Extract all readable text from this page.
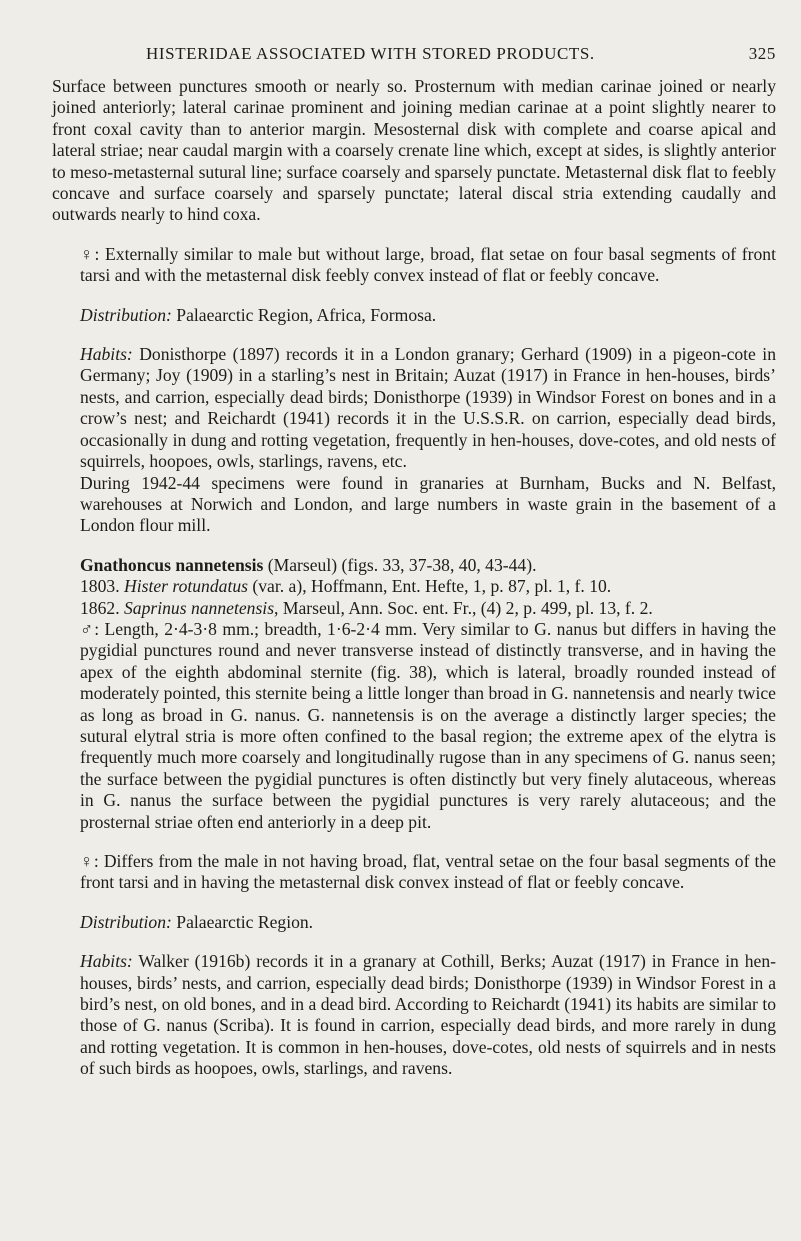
HISTERIDAE ASSOCIATED WITH STORED PRODUCTS.	325

Surface between punctures smooth or nearly so. Prosternum with median carinae joined or nearly joined anteriorly; lateral carinae prominent and joining median carinae at a point slightly nearer to front coxal cavity than to anterior margin. Mesosternal disk with complete and coarse apical and lateral striae; near caudal margin with a coarsely crenate line which, except at sides, is slightly anterior to meso-metasternal sutural line; surface coarsely and sparsely punctate. Metasternal disk flat to feebly concave and surface coarsely and sparsely punctate; lateral discal stria extending caudally and outwards nearly to hind coxa.

♀: Externally similar to male but without large, broad, flat setae on four basal segments of front tarsi and with the metasternal disk feebly convex instead of flat or feebly concave.

Distribution: Palaearctic Region, Africa, Formosa.

Habits: Donisthorpe (1897) records it in a London granary; Gerhard (1909) in a pigeon-cote in Germany; Joy (1909) in a starling’s nest in Britain; Auzat (1917) in France in hen-houses, birds’ nests, and carrion, especially dead birds; Donisthorpe (1939) in Windsor Forest on bones and in a crow’s nest; and Reichardt (1941) records it in the U.S.S.R. on carrion, especially dead birds, occasionally in dung and rotting vegetation, frequently in hen-houses, dove-cotes, and old nests of squirrels, hoopoes, owls, starlings, ravens, etc.

During 1942-44 specimens were found in granaries at Burnham, Bucks and N. Belfast, warehouses at Norwich and London, and large numbers in waste grain in the basement of a London flour mill.

Gnathoncus nannetensis (Marseul) (figs. 33, 37-38, 40, 43-44).

1803. Hister rotundatus (var. a), Hoffmann, Ent. Hefte, 1, p. 87, pl. 1, f. 10.

1862. Saprinus nannetensis, Marseul, Ann. Soc. ent. Fr., (4) 2, p. 499, pl. 13, f. 2.

♂: Length, 2·4-3·8 mm.; breadth, 1·6-2·4 mm. Very similar to G. nanus but differs in having the pygidial punctures round and never transverse instead of distinctly transverse, and in having the apex of the eighth abdominal sternite (fig. 38), which is lateral, broadly rounded instead of moderately pointed, this sternite being a little longer than broad in G. nannetensis and nearly twice as long as broad in G. nanus. G. nannetensis is on the average a distinctly larger species; the sutural elytral stria is more often confined to the basal region; the extreme apex of the elytra is frequently much more coarsely and longitudinally rugose than in any specimens of G. nanus seen; the surface between the pygidial punctures is often distinctly but very finely alutaceous, whereas in G. nanus the surface between the pygidial punctures is very rarely alutaceous; and the prosternal striae often end anteriorly in a deep pit.

♀: Differs from the male in not having broad, flat, ventral setae on the four basal segments of the front tarsi and in having the metasternal disk convex instead of flat or feebly concave.

Distribution: Palaearctic Region.

Habits: Walker (1916b) records it in a granary at Cothill, Berks; Auzat (1917) in France in hen-houses, birds’ nests, and carrion, especially dead birds; Donisthorpe (1939) in Windsor Forest in a bird’s nest, on old bones, and in a dead bird. According to Reichardt (1941) its habits are similar to those of G. nanus (Scriba). It is found in carrion, especially dead birds, and more rarely in dung and rotting vegetation. It is common in hen-houses, dove-cotes, old nests of squirrels and in nests of such birds as hoopoes, owls, starlings, and ravens.
